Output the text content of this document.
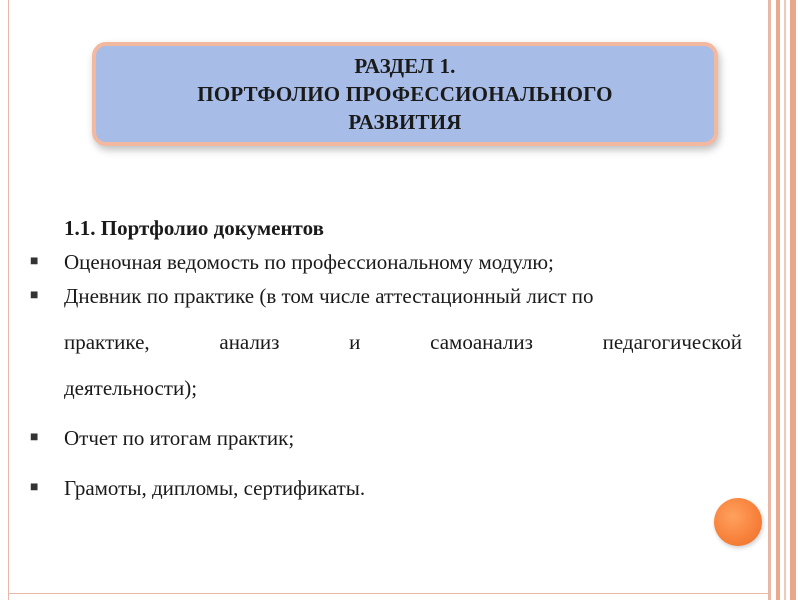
РАЗДЕЛ 1.
ПОРТФОЛИО ПРОФЕССИОНАЛЬНОГО
РАЗВИТИЯ
1.1. Портфолио документов
■	Оценочная ведомость по профессиональному модулю;
■	Дневник по практике (в том числе аттестационный лист по
практике,	анализ	и	самоанализ	педагогической
деятельности);
■	Отчет по итогам практик;
■	Грамоты, дипломы, сертификаты.
